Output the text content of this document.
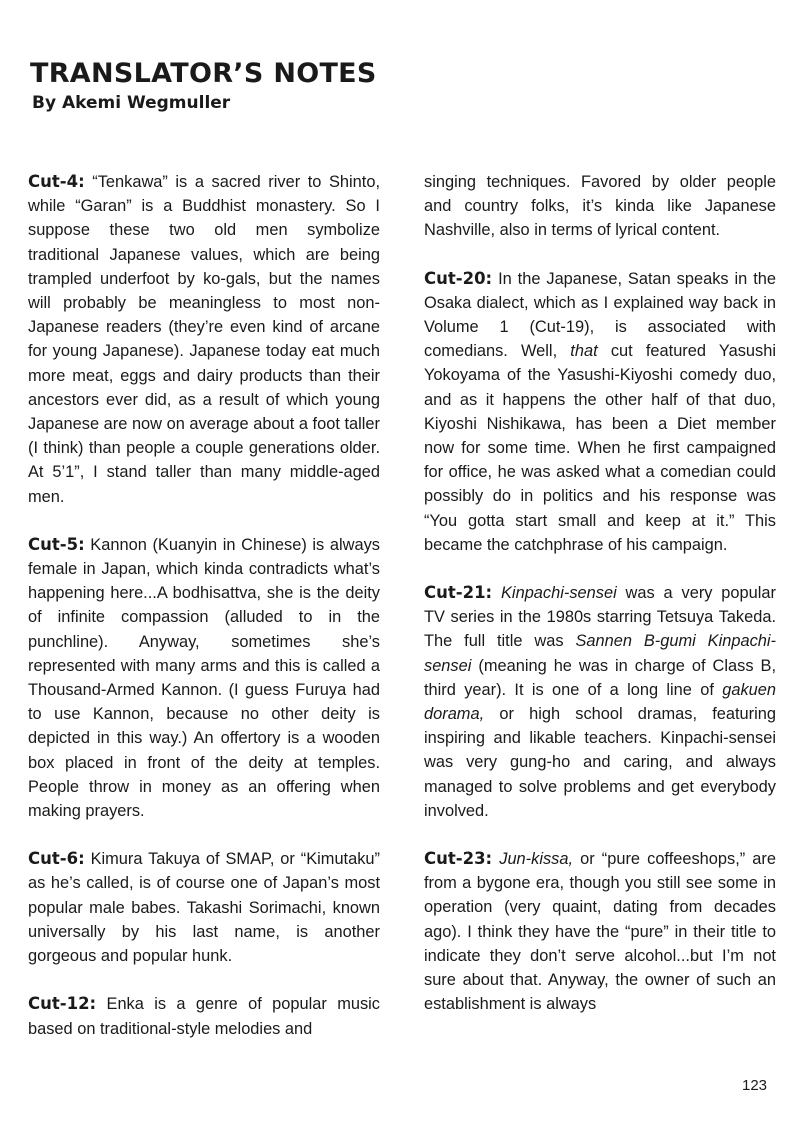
TRANSLATOR’S NOTES
By Akemi Wegmuller

Cut-4: “Tenkawa” is a sacred river to Shinto, while “Garan” is a Buddhist monastery. So I suppose these two old men symbolize traditional Japanese values, which are being trampled underfoot by ko-gals, but the names will probably be meaningless to most non-Japanese readers (they’re even kind of arcane for young Japanese). Japanese today eat much more meat, eggs and dairy products than their ancestors ever did, as a result of which young Japanese are now on average about a foot taller (I think) than people a couple generations older. At 5’1”, I stand taller than many middle-aged men.

Cut-5: Kannon (Kuanyin in Chinese) is always female in Japan, which kinda contradicts what’s happening here...A bodhisattva, she is the deity of infinite compassion (alluded to in the punchline). Anyway, sometimes she’s represented with many arms and this is called a Thousand-Armed Kannon. (I guess Furuya had to use Kannon, because no other deity is depicted in this way.) An offertory is a wooden box placed in front of the deity at temples. People throw in money as an offering when making prayers.

Cut-6: Kimura Takuya of SMAP, or “Kimutaku” as he’s called, is of course one of Japan’s most popular male babes. Takashi Sorimachi, known universally by his last name, is another gorgeous and popular hunk.

Cut-12: Enka is a genre of popular music based on traditional-style melodies and

singing techniques. Favored by older people and country folks, it’s kinda like Japanese Nashville, also in terms of lyrical content.

Cut-20: In the Japanese, Satan speaks in the Osaka dialect, which as I explained way back in Volume 1 (Cut-19), is associated with comedians. Well, that cut featured Yasushi Yokoyama of the Yasushi-Kiyoshi comedy duo, and as it happens the other half of that duo, Kiyoshi Nishikawa, has been a Diet member now for some time. When he first campaigned for office, he was asked what a comedian could possibly do in politics and his response was “You gotta start small and keep at it.” This became the catchphrase of his campaign.

Cut-21: Kinpachi-sensei was a very popular TV series in the 1980s starring Tetsuya Takeda. The full title was Sannen B-gumi Kinpachi-sensei (meaning he was in charge of Class B, third year). It is one of a long line of gakuen dorama, or high school dramas, featuring inspiring and likable teachers. Kinpachi-sensei was very gung-ho and caring, and always managed to solve problems and get everybody involved.

Cut-23: Jun-kissa, or “pure coffeeshops,” are from a bygone era, though you still see some in operation (very quaint, dating from decades ago). I think they have the “pure” in their title to indicate they don’t serve alcohol...but I’m not sure about that. Anyway, the owner of such an establishment is always

123
